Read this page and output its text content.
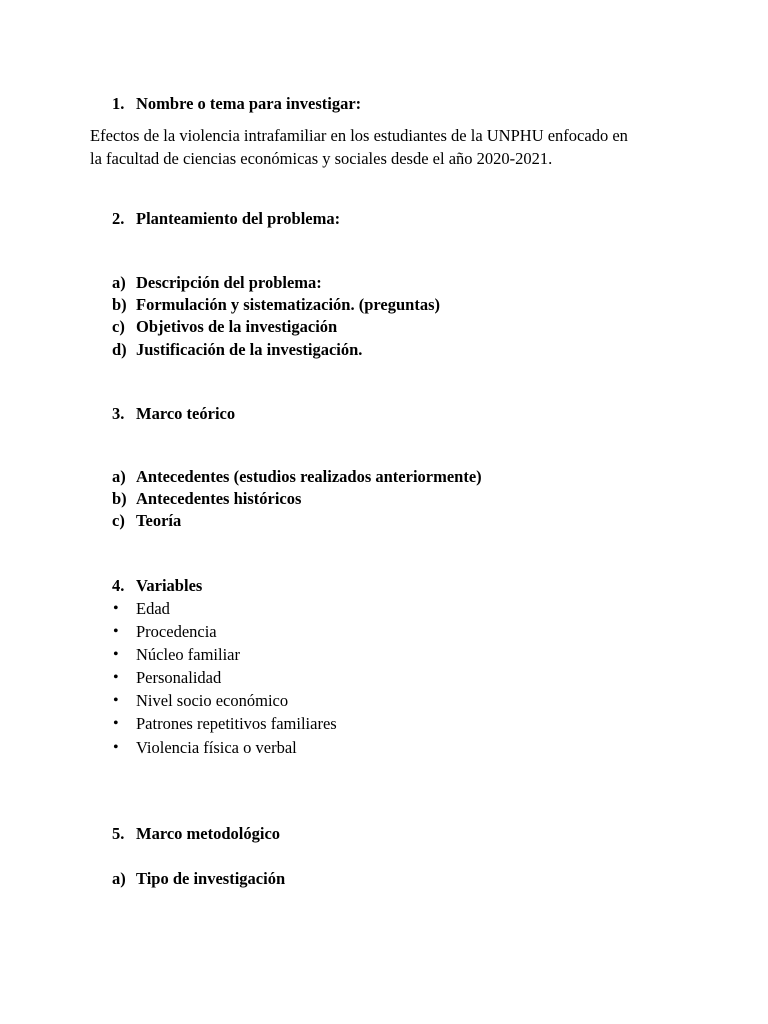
1. Nombre o tema para investigar:
Efectos de la violencia intrafamiliar en los estudiantes de la UNPHU enfocado en
la facultad de ciencias económicas y sociales desde el año 2020-2021.
2. Planteamiento del problema:
a) Descripción del problema:
b) Formulación y sistematización. (preguntas)
c) Objetivos de la investigación
d) Justificación de la investigación.
3. Marco teórico
a) Antecedentes (estudios realizados anteriormente)
b) Antecedentes históricos
c) Teoría
4. Variables
• Edad
• Procedencia
• Núcleo familiar
• Personalidad
• Nivel socio económico
• Patrones repetitivos familiares
• Violencia física o verbal
5. Marco metodológico
a) Tipo de investigación
